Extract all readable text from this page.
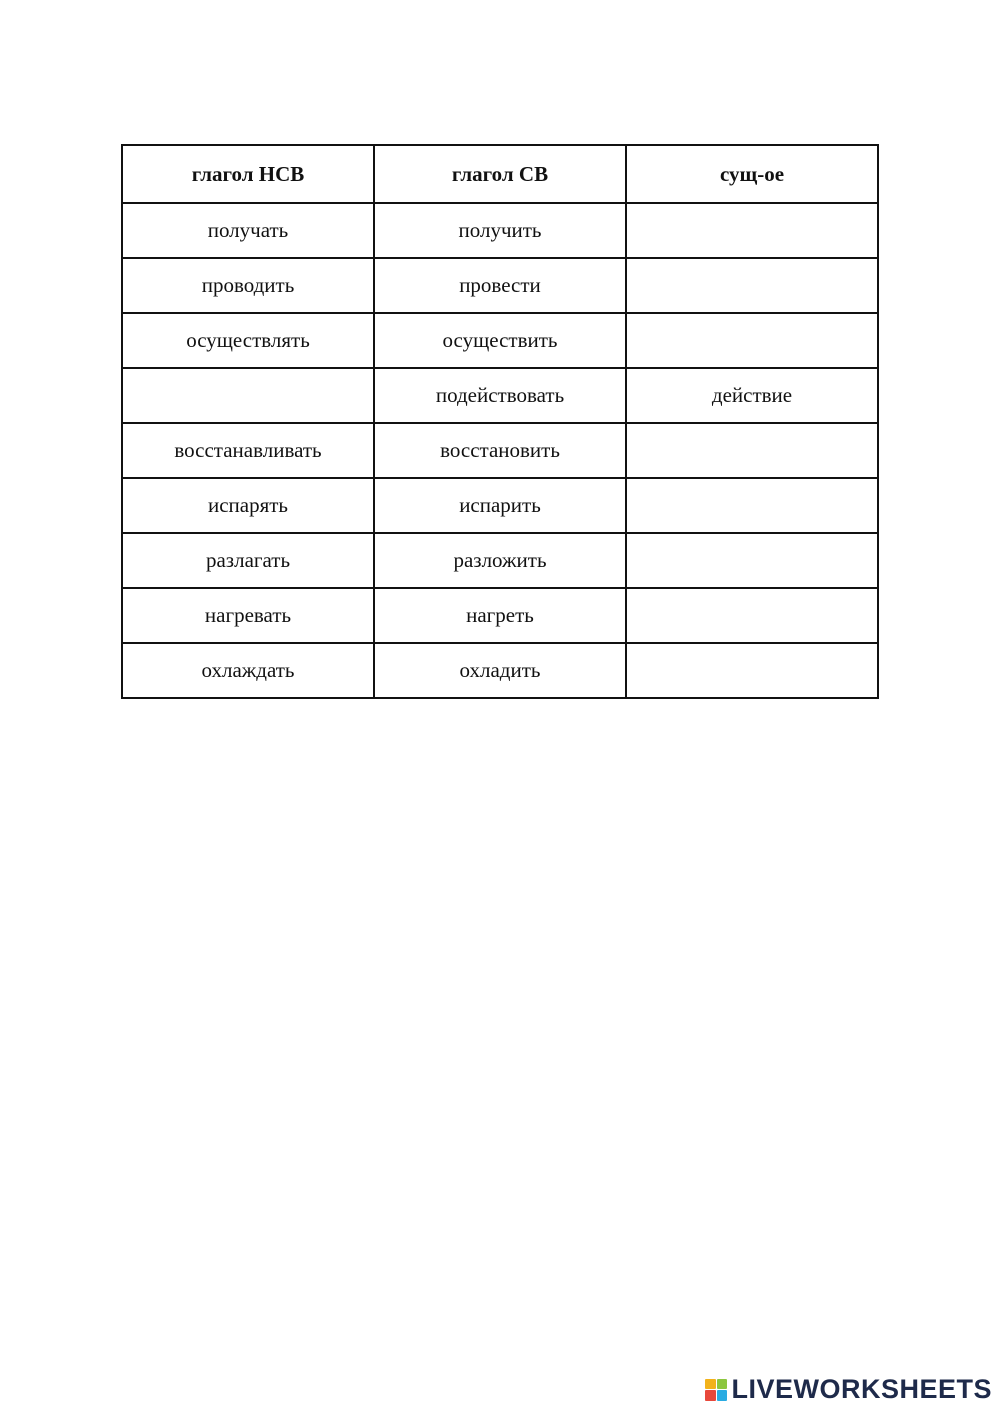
глагол НСВ	глагол СВ	сущ-ое
получать	получить	
проводить	провести	
осуществлять	осуществить	
	подействовать	действие
восстанавливать	восстановить	
испарять	испарить	
разлагать	разложить	
нагревать	нагреть	
охлаждать	охладить	
LIVEWORKSHEETS
